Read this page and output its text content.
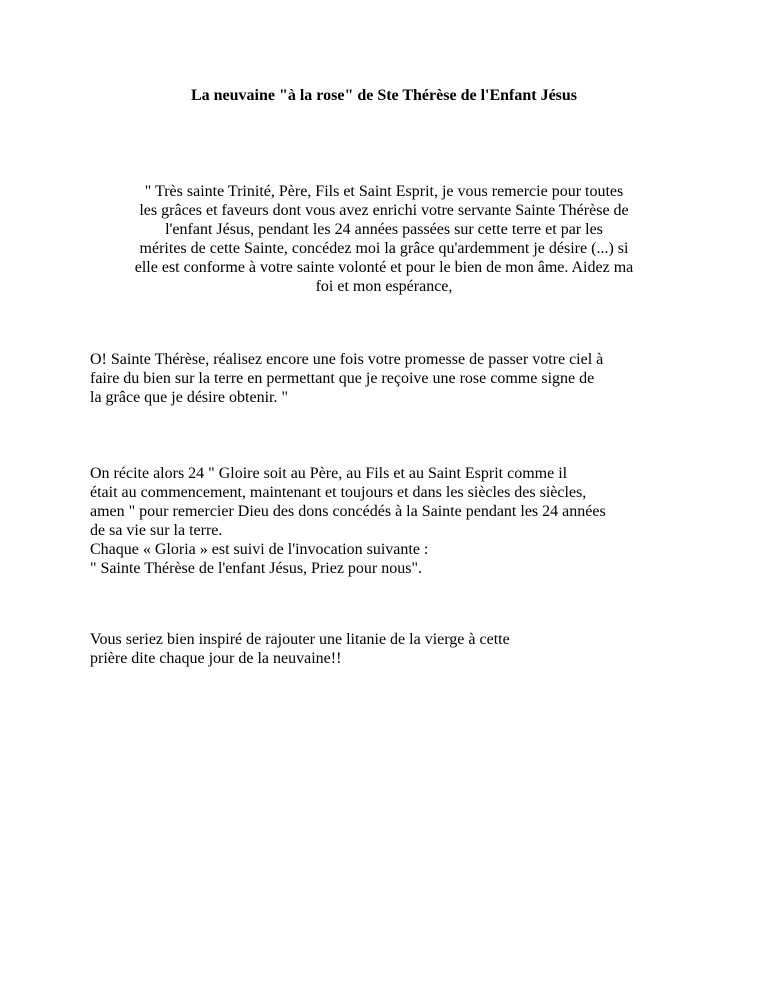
La neuvaine "à la rose" de Ste Thérèse de l'Enfant Jésus

" Très sainte Trinité, Père, Fils et Saint Esprit, je vous remercie pour toutes
les grâces et faveurs dont vous avez enrichi votre servante Sainte Thérèse de
l'enfant Jésus, pendant les 24 années passées sur cette terre et par les
mérites de cette Sainte, concédez moi la grâce qu'ardemment je désire (...) si
elle est conforme à votre sainte volonté et pour le bien de mon âme. Aidez ma
foi et mon espérance,

O! Sainte Thérèse, réalisez encore une fois votre promesse de passer votre ciel à
faire du bien sur la terre en permettant que je reçoive une rose comme signe de
la grâce que je désire obtenir. "

On récite alors 24 " Gloire soit au Père, au Fils et au Saint Esprit comme il
était au commencement, maintenant et toujours et dans les siècles des siècles,
amen " pour remercier Dieu des dons concédés à la Sainte pendant les 24 années
de sa vie sur la terre.
Chaque « Gloria » est suivi de l'invocation suivante :
" Sainte Thérèse de l'enfant Jésus, Priez pour nous".

Vous seriez bien inspiré de rajouter une litanie de la vierge à cette
prière dite chaque jour de la neuvaine!!
